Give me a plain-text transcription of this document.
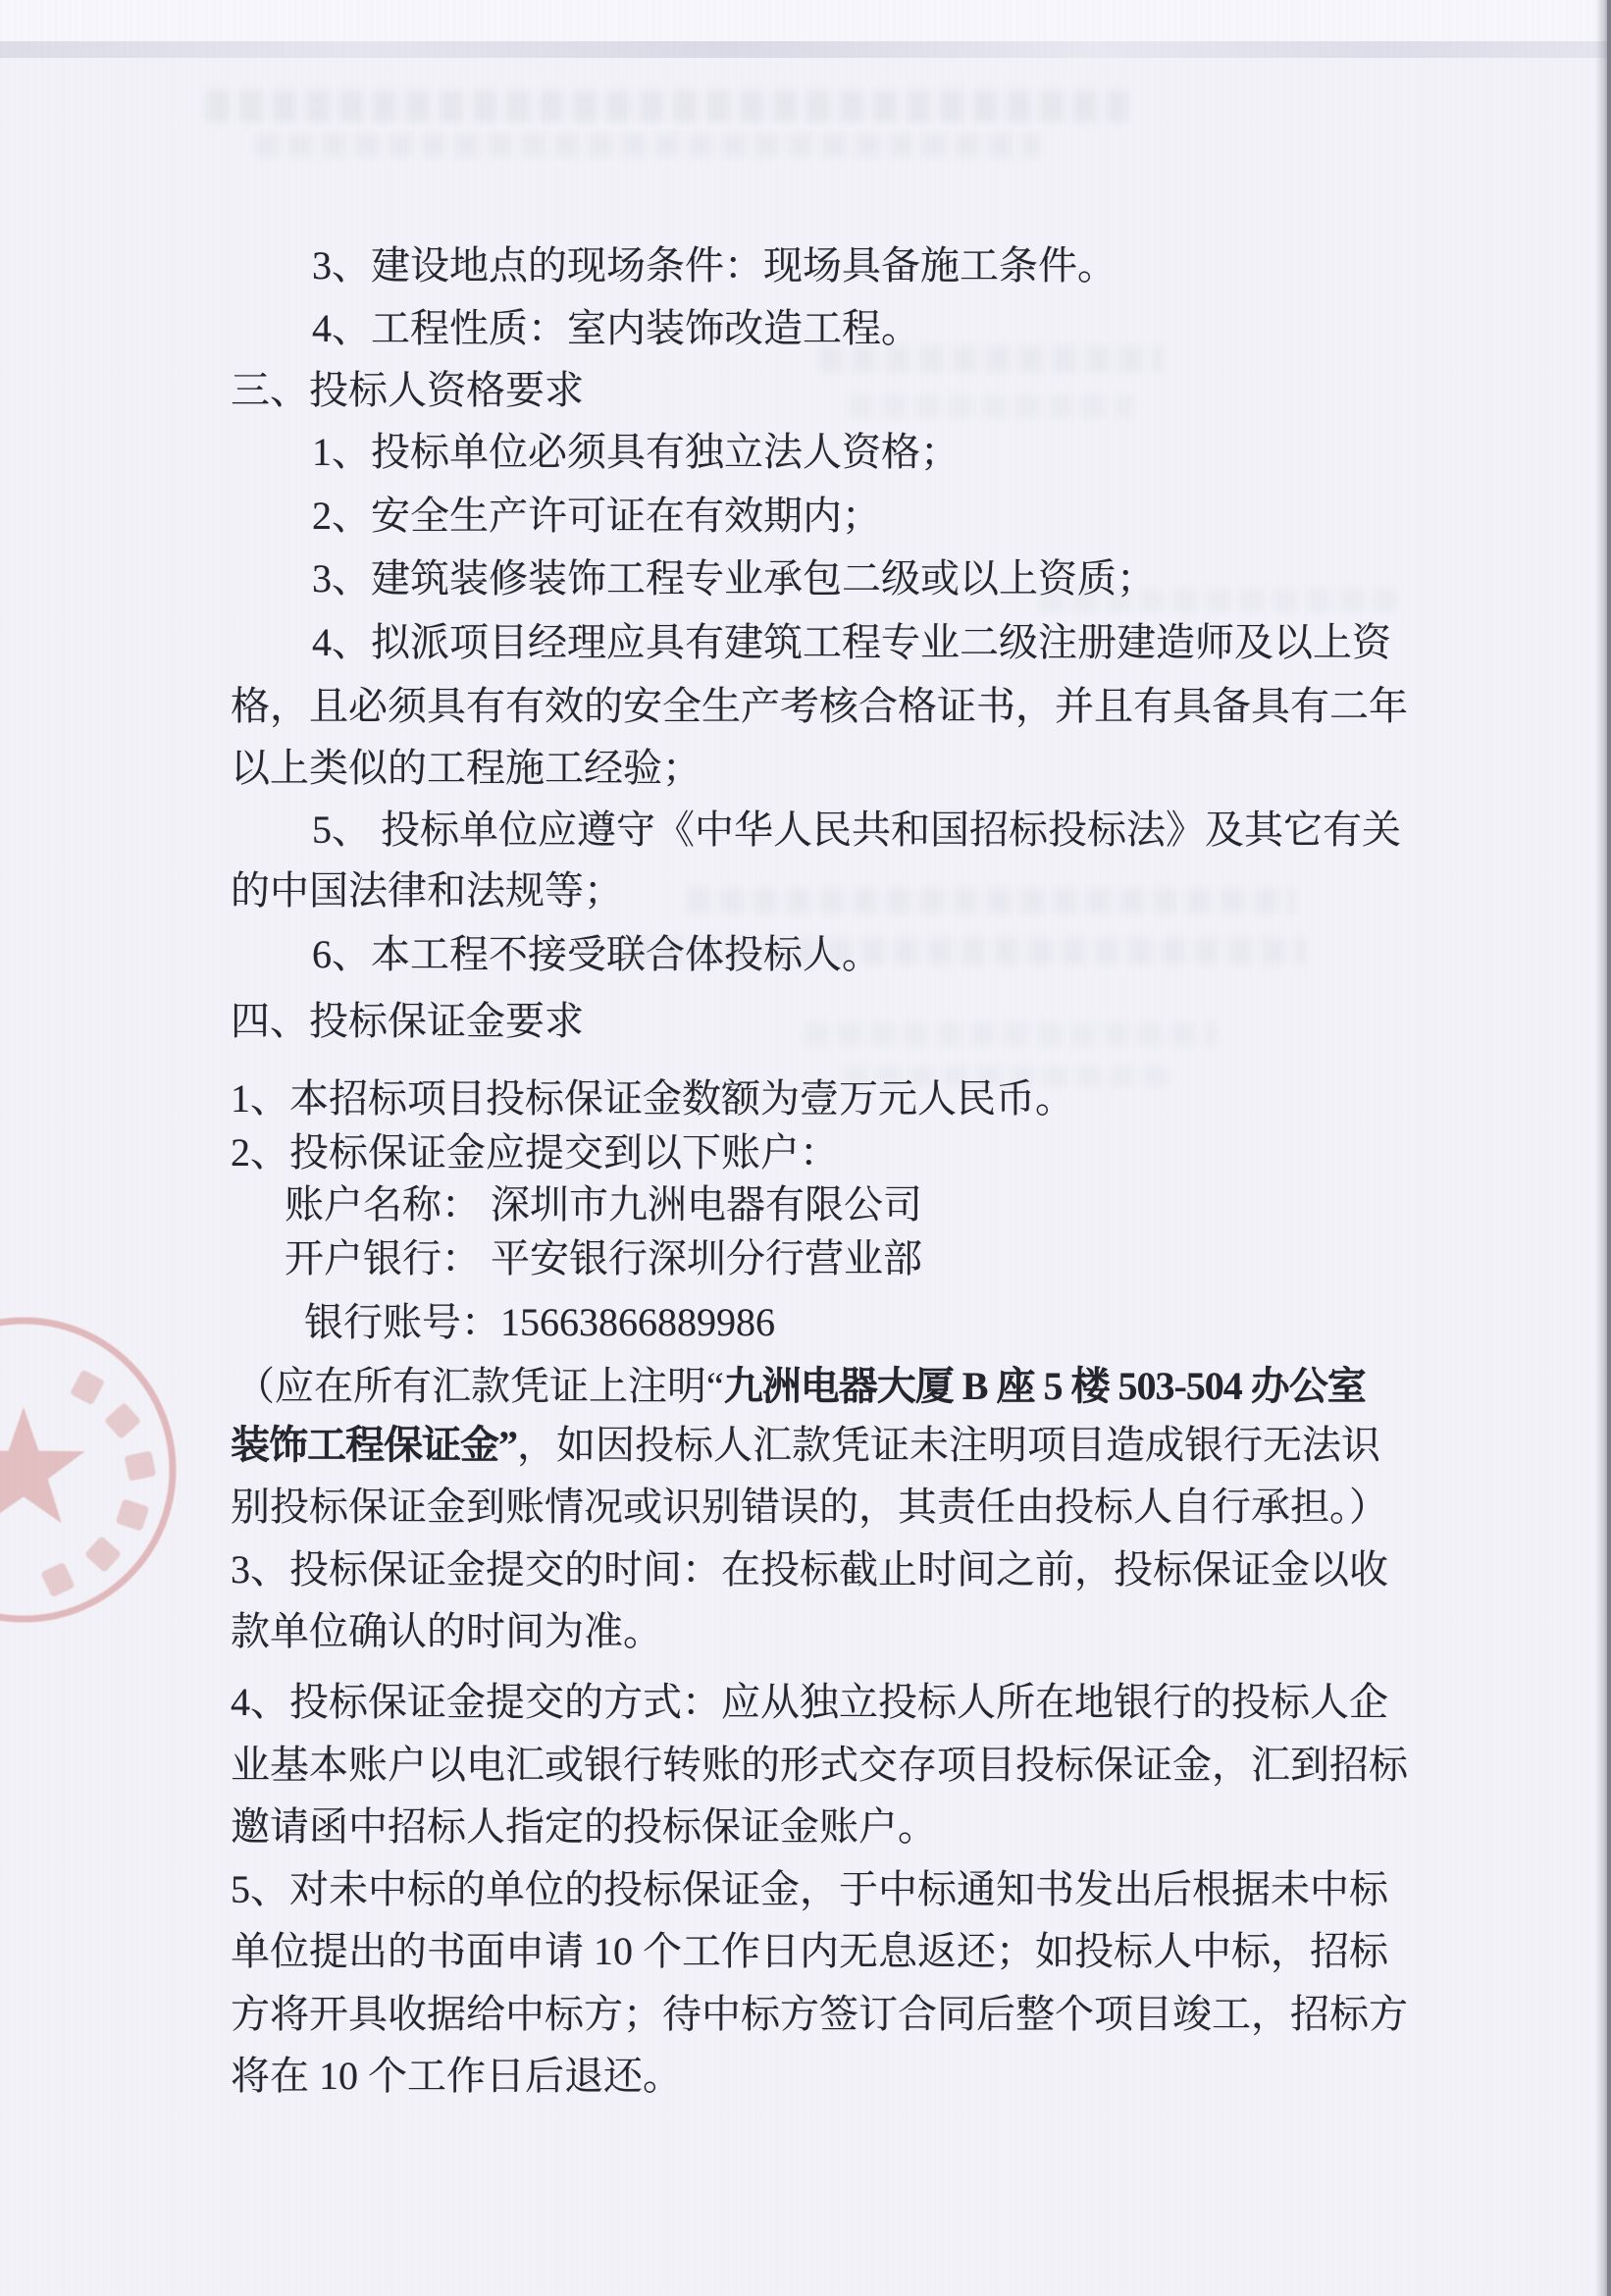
3、建设地点的现场条件：现场具备施工条件。
4、工程性质：室内装饰改造工程。
三、投标人资格要求
1、投标单位必须具有独立法人资格；
2、安全生产许可证在有效期内；
3、建筑装修装饰工程专业承包二级或以上资质；
4、拟派项目经理应具有建筑工程专业二级注册建造师及以上资
格，且必须具有有效的安全生产考核合格证书，并且有具备具有二年
以上类似的工程施工经验；
5、 投标单位应遵守《中华人民共和国招标投标法》及其它有关
的中国法律和法规等；
6、本工程不接受联合体投标人。
四、投标保证金要求
1、本招标项目投标保证金数额为壹万元人民币。
2、投标保证金应提交到以下账户：
账户名称： 深圳市九洲电器有限公司
开户银行： 平安银行深圳分行营业部
银行账号：15663866889986
（应在所有汇款凭证上注明“九洲电器大厦 B 座 5 楼 503-504 办公室
装饰工程保证金”，如因投标人汇款凭证未注明项目造成银行无法识
别投标保证金到账情况或识别错误的，其责任由投标人自行承担。）
3、投标保证金提交的时间：在投标截止时间之前，投标保证金以收
款单位确认的时间为准。
4、投标保证金提交的方式：应从独立投标人所在地银行的投标人企
业基本账户以电汇或银行转账的形式交存项目投标保证金，汇到招标
邀请函中招标人指定的投标保证金账户。
5、对未中标的单位的投标保证金，于中标通知书发出后根据未中标
单位提出的书面申请 10 个工作日内无息返还；如投标人中标，招标
方将开具收据给中标方；待中标方签订合同后整个项目竣工，招标方
将在 10 个工作日后退还。
